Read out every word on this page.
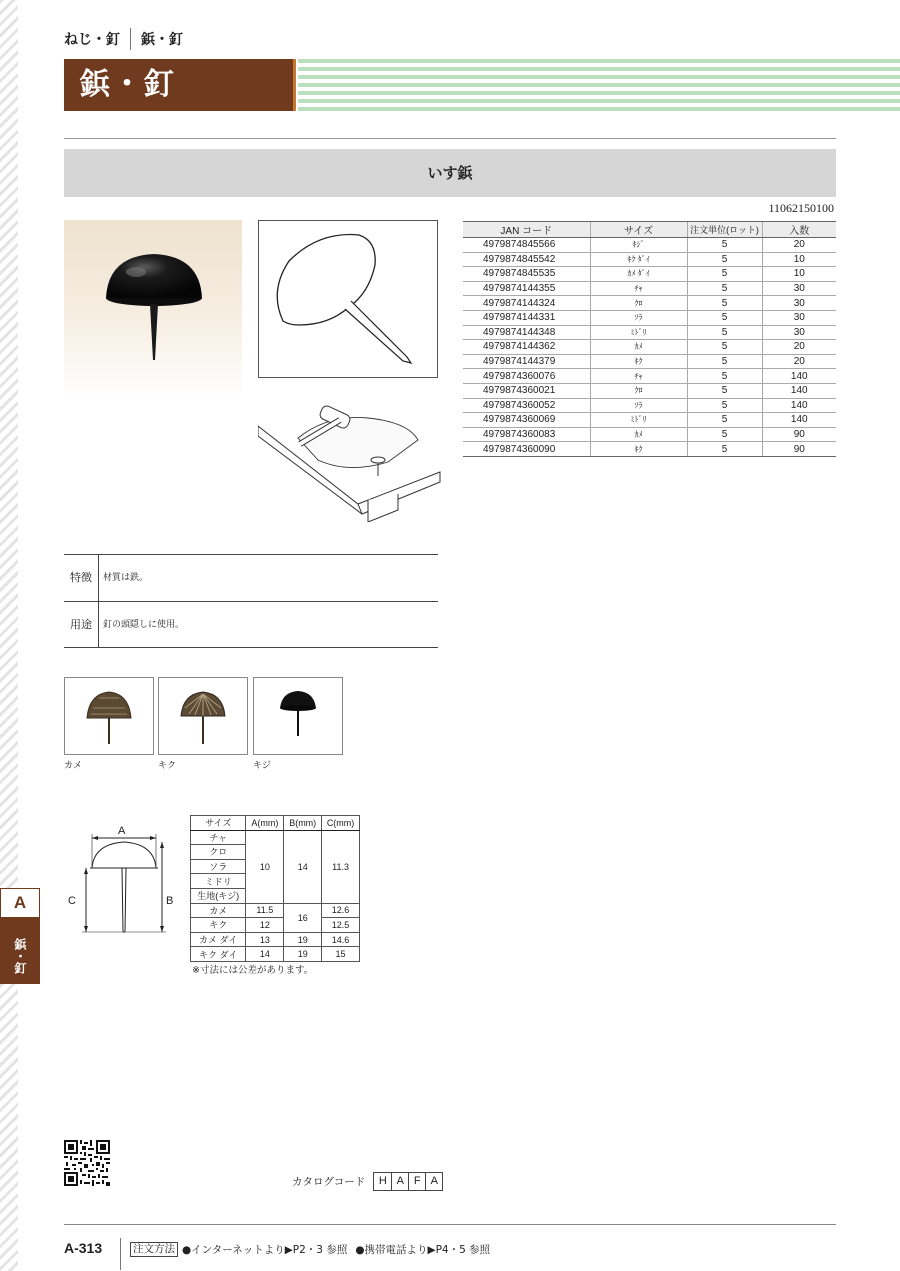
A
鋲・釘
ねじ・釘 鋲・釘
鋲・釘
いす鋲
11062150100
JAN コード	サイズ	注文単位(ロット)	入数
4979874845566	ｷｼﾞ	5	20
4979874845542	ｷｸ ﾀﾞｲ	5	10
4979874845535	ｶﾒ ﾀﾞｲ	5	10
4979874144355	ﾁｬ	5	30
4979874144324	ｸﾛ	5	30
4979874144331	ｿﾗ	5	30
4979874144348	ﾐﾄﾞﾘ	5	30
4979874144362	ｶﾒ	5	20
4979874144379	ｷｸ	5	20
4979874360076	ﾁｬ	5	140
4979874360021	ｸﾛ	5	140
4979874360052	ｿﾗ	5	140
4979874360069	ﾐﾄﾞﾘ	5	140
4979874360083	ｶﾒ	5	90
4979874360090	ｷｸ	5	90
特徴	材質は鉄。
用途	釘の頭隠しに使用。
カメ	キク	キジ
A
C	B
サイズ	A(mm)	B(mm)	C(mm)
チャ	10	14	11.3
クロ			
ソラ			
ミドリ			
生地(キジ)			
カメ	11.5	16	12.6
キク	12		12.5
カメ ダイ	13	19	14.6
キク ダイ	14	19	15
※寸法には公差があります。
カタログコード	H A F A
A-313	注文方法 ●インターネットより▶P2・3 参照 ●携帯電話より▶P4・5 参照
